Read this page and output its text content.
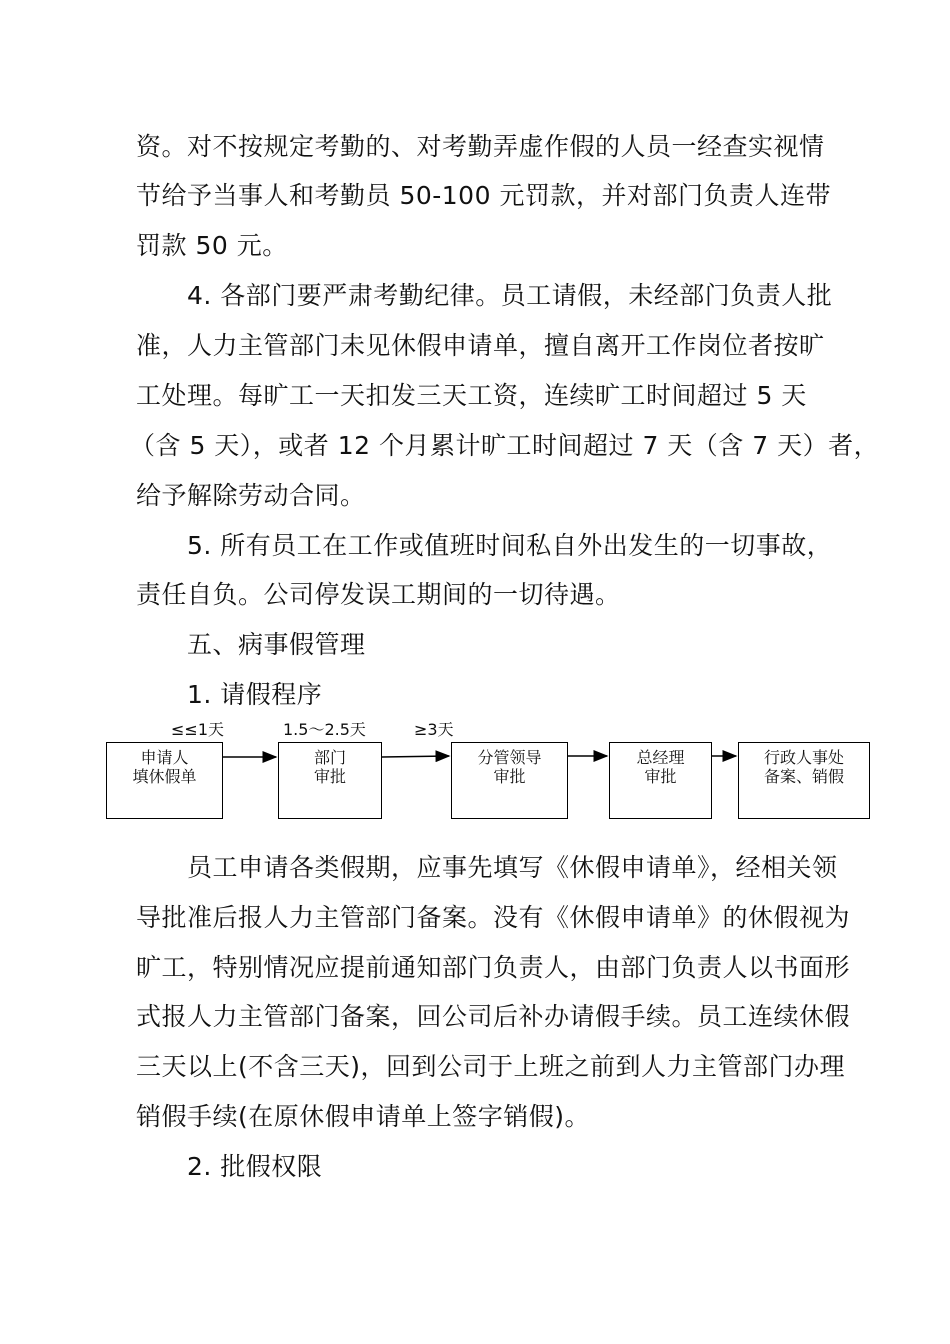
资。对不按规定考勤的、对考勤弄虚作假的人员一经查实视情
节给予当事人和考勤员 50-100 元罚款，并对部门负责人连带
罚款 50 元。
4. 各部门要严肃考勤纪律。员工请假，未经部门负责人批
准，人力主管部门未见休假申请单，擅自离开工作岗位者按旷
工处理。每旷工一天扣发三天工资，连续旷工时间超过 5 天
（含 5 天），或者 12 个月累计旷工时间超过 7 天（含 7 天）者，
给予解除劳动合同。
5. 所有员工在工作或值班时间私自外出发生的一切事故，
责任自负。公司停发误工期间的一切待遇。
五、病事假管理
1. 请假程序
≤≤1天	1.5～2.5天	≥3天
申请人
填休假单
部门
审批
分管领导
审批
总经理
审批
行政人事处
备案、销假
员工申请各类假期，应事先填写《休假申请单》，经相关领
导批准后报人力主管部门备案。没有《休假申请单》的休假视为
旷工，特别情况应提前通知部门负责人，由部门负责人以书面形
式报人力主管部门备案，回公司后补办请假手续。员工连续休假
三天以上(不含三天)，回到公司于上班之前到人力主管部门办理
销假手续(在原休假申请单上签字销假)。
2. 批假权限
